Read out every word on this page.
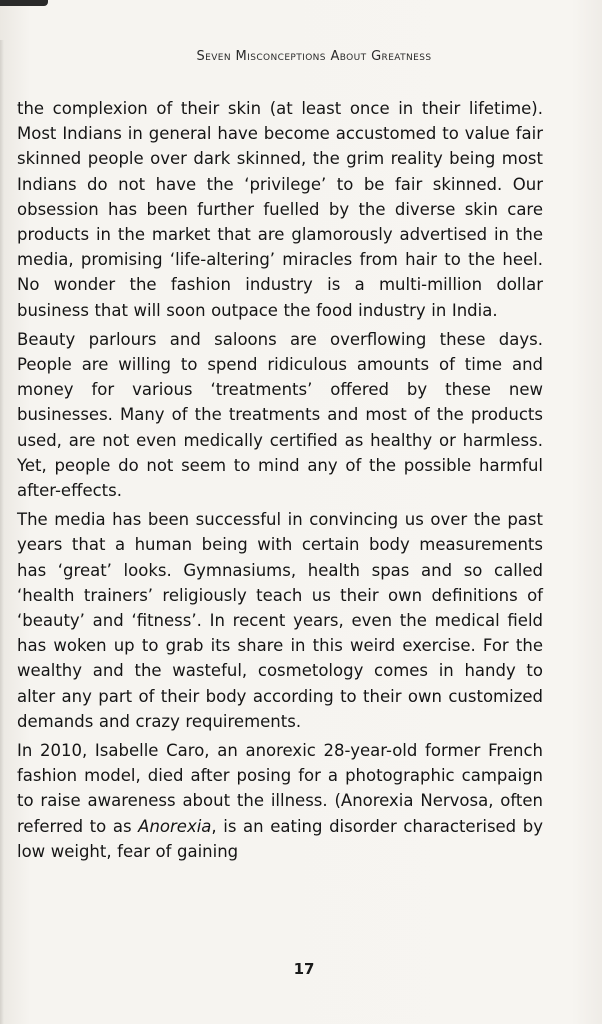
Seven Misconceptions About Greatness

the complexion of their skin (at least once in their lifetime). Most Indians in general have become accustomed to value fair skinned people over dark skinned, the grim reality being most Indians do not have the ‘privilege’ to be fair skinned. Our obsession has been further fuelled by the diverse skin care products in the market that are glamorously advertised in the media, promising ‘life-altering’ miracles from hair to the heel. No wonder the fashion industry is a multi-million dollar business that will soon outpace the food industry in India.

Beauty parlours and saloons are overflowing these days. People are willing to spend ridiculous amounts of time and money for various ‘treatments’ offered by these new businesses. Many of the treatments and most of the products used, are not even medically certified as healthy or harmless. Yet, people do not seem to mind any of the possible harmful after-effects.

The media has been successful in convincing us over the past years that a human being with certain body measurements has ‘great’ looks. Gymnasiums, health spas and so called ‘health trainers’ religiously teach us their own definitions of ‘beauty’ and ‘fitness’. In recent years, even the medical field has woken up to grab its share in this weird exercise. For the wealthy and the wasteful, cosmetology comes in handy to alter any part of their body according to their own customized demands and crazy requirements.

In 2010, Isabelle Caro, an anorexic 28-year-old former French fashion model, died after posing for a photographic campaign to raise awareness about the illness. (Anorexia Nervosa, often referred to as Anorexia, is an eating disorder characterised by low weight, fear of gaining

17
